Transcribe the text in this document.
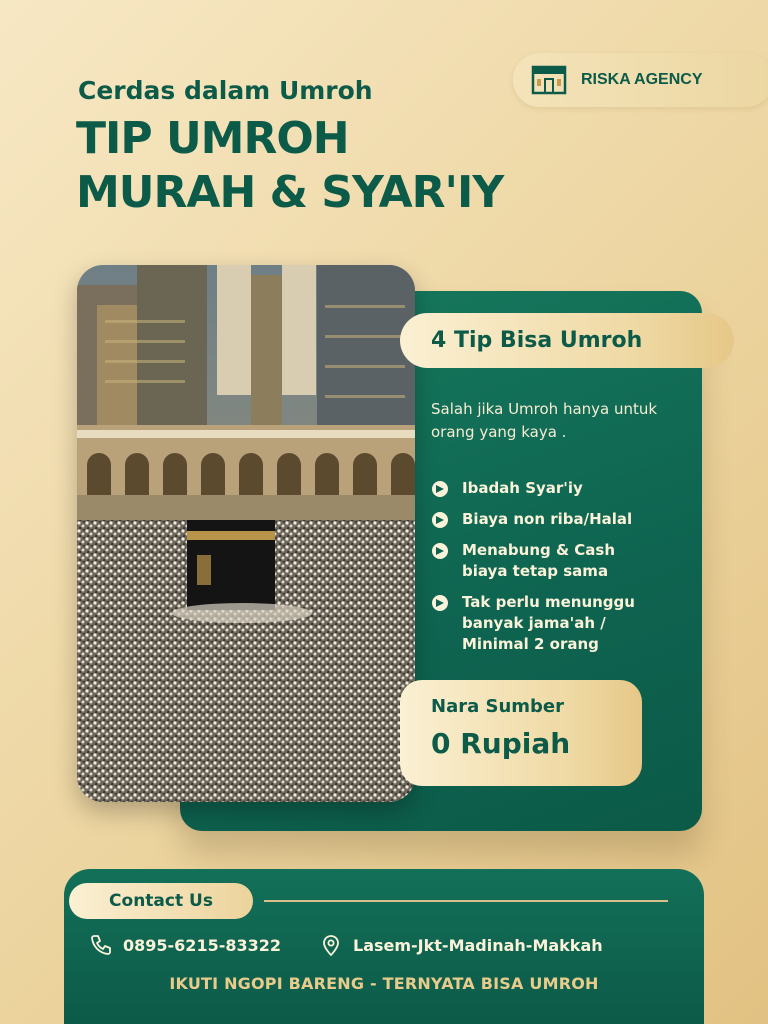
Cerdas dalam Umroh
TIP UMROH
MURAH & SYAR'IY
RISKA AGENCY
4 Tip Bisa Umroh
Salah jika Umroh hanya untuk orang yang kaya .
Ibadah Syar'iy
Biaya non riba/Halal
Menabung & Cash
biaya tetap sama
Tak perlu menunggu
banyak jama'ah /
Minimal 2 orang
Nara Sumber
0 Rupiah
Contact Us
0895-6215-83322	Lasem-Jkt-Madinah-Makkah
IKUTI NGOPI BARENG - TERNYATA BISA UMROH
